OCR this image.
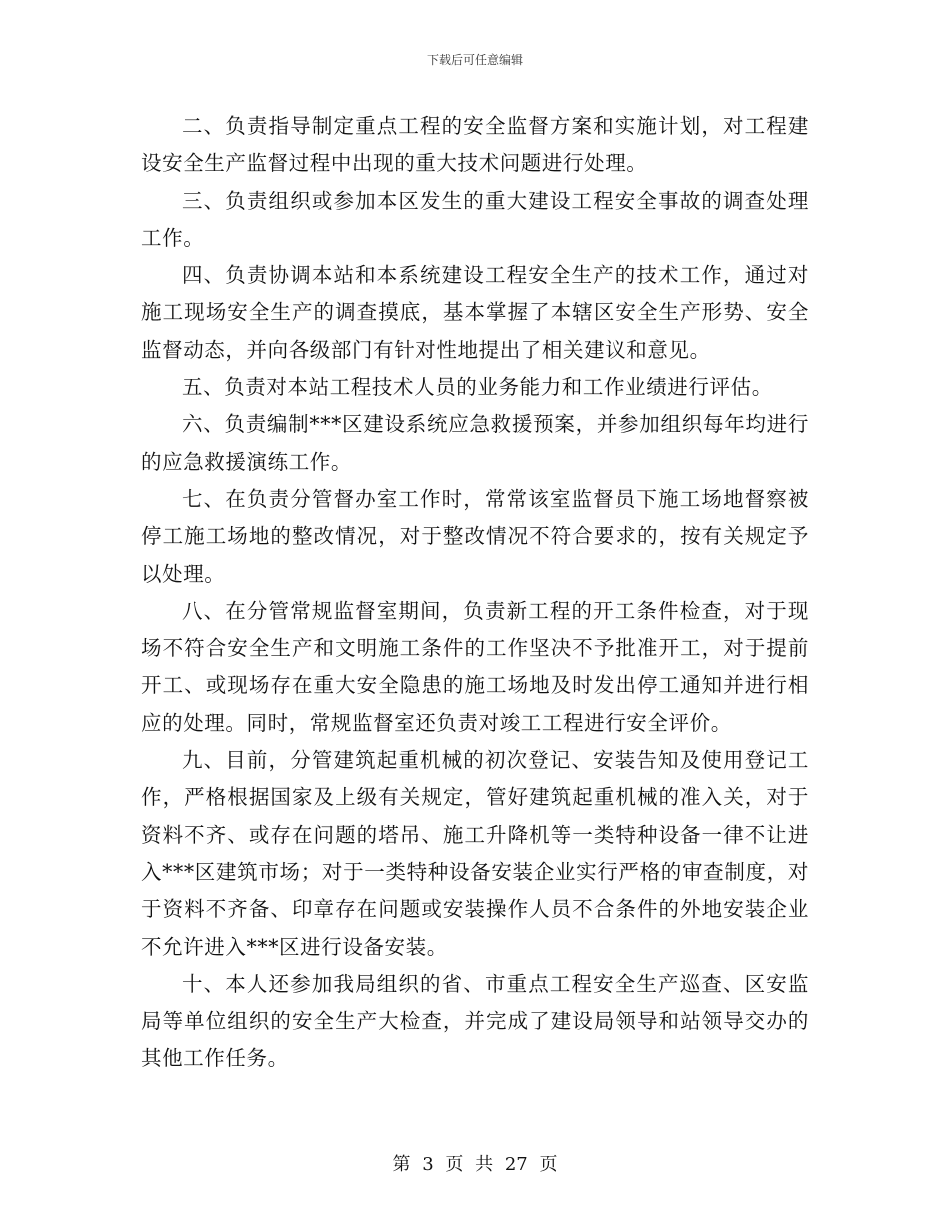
下载后可任意编辑

二、负责指导制定重点工程的安全监督方案和实施计划，对工程建设安全生产监督过程中出现的重大技术问题进行处理。

三、负责组织或参加本区发生的重大建设工程安全事故的调查处理工作。

四、负责协调本站和本系统建设工程安全生产的技术工作，通过对施工现场安全生产的调查摸底，基本掌握了本辖区安全生产形势、安全监督动态，并向各级部门有针对性地提出了相关建议和意见。

五、负责对本站工程技术人员的业务能力和工作业绩进行评估。

六、负责编制***区建设系统应急救援预案，并参加组织每年均进行的应急救援演练工作。

七、在负责分管督办室工作时，常常该室监督员下施工场地督察被停工施工场地的整改情况，对于整改情况不符合要求的，按有关规定予以处理。

八、在分管常规监督室期间，负责新工程的开工条件检查，对于现场不符合安全生产和文明施工条件的工作坚决不予批准开工，对于提前开工、或现场存在重大安全隐患的施工场地及时发出停工通知并进行相应的处理。同时，常规监督室还负责对竣工工程进行安全评价。

九、目前，分管建筑起重机械的初次登记、安装告知及使用登记工作，严格根据国家及上级有关规定，管好建筑起重机械的准入关，对于资料不齐、或存在问题的塔吊、施工升降机等一类特种设备一律不让进入***区建筑市场；对于一类特种设备安装企业实行严格的审查制度，对于资料不齐备、印章存在问题或安装操作人员不合条件的外地安装企业不允许进入***区进行设备安装。

十、本人还参加我局组织的省、市重点工程安全生产巡查、区安监局等单位组织的安全生产大检查，并完成了建设局领导和站领导交办的其他工作任务。

第 3 页 共 27 页
